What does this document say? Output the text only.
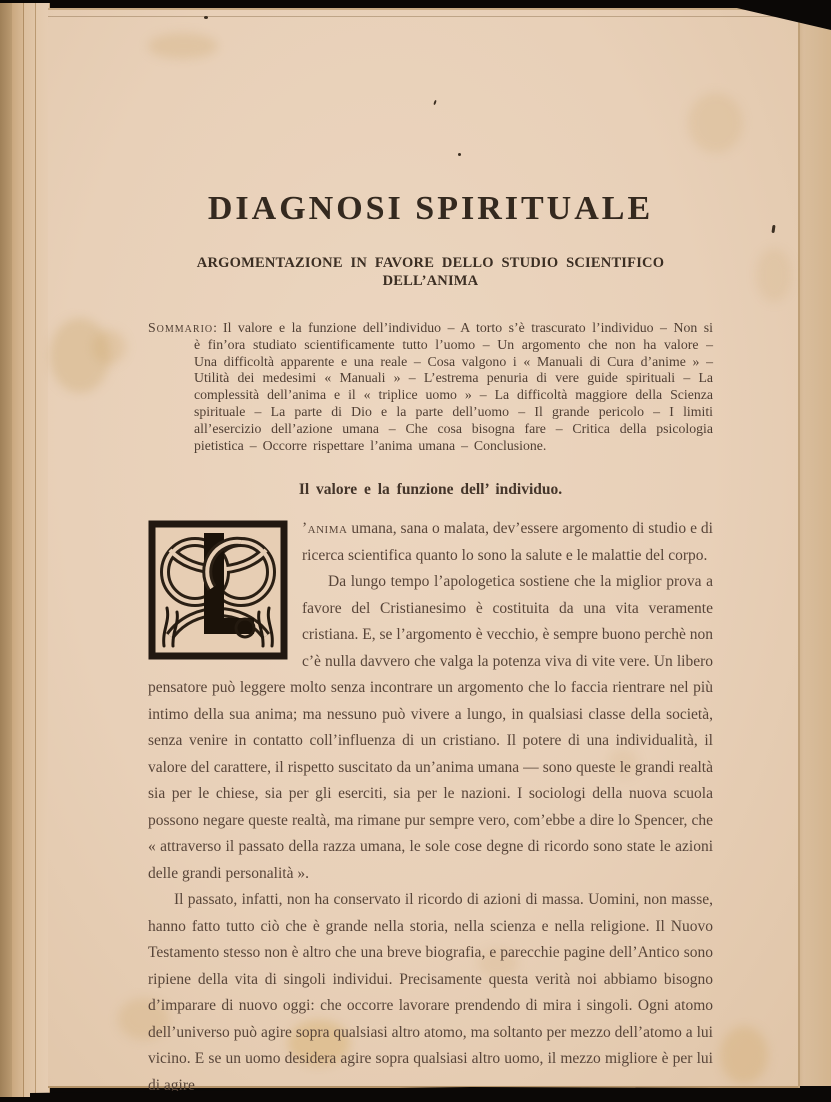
DIAGNOSI SPIRITUALE
ARGOMENTAZIONE IN FAVORE DELLO STUDIO SCIENTIFICO DELL’ANIMA

Sommario: Il valore e la funzione dell’individuo – A torto s’è trascurato l’individuo – Non si è fin’ora studiato scientificamente tutto l’uomo – Un argomento che non ha valore – Una difficoltà apparente e una reale – Cosa valgono i « Manuali di Cura d’anime » – Utilità dei medesimi « Manuali » – L’estrema penuria di vere guide spirituali – La complessità dell’anima e il « triplice uomo » – La difficoltà maggiore della Scienza spirituale – La parte di Dio e la parte dell’uomo – Il grande pericolo – I limiti all’esercizio dell’azione umana – Che cosa bisogna fare – Critica della psicologia pietistica – Occorre rispettare l’anima umana – Conclusione.

Il valore e la funzione dell’ individuo.

’anima umana, sana o malata, dev’essere argomento di studio e di ricerca scientifica quanto lo sono la salute e le malattie del corpo.

Da lungo tempo l’apologetica sostiene che la miglior prova a favore del Cristianesimo è costituita da una vita veramente cristiana. E, se l’argomento è vecchio, è sempre buono perchè non c’è nulla davvero che valga la potenza viva di vite vere. Un libero pensatore può leggere molto senza incontrare un argomento che lo faccia rientrare nel più intimo della sua anima; ma nessuno può vivere a lungo, in qualsiasi classe della società, senza venire in contatto coll’influenza di un cristiano. Il potere di una individualità, il valore del carattere, il rispetto suscitato da un’anima umana — sono queste le grandi realtà sia per le chiese, sia per gli eserciti, sia per le nazioni. I sociologi della nuova scuola possono negare queste realtà, ma rimane pur sempre vero, com’ebbe a dire lo Spencer, che « attraverso il passato della razza umana, le sole cose degne di ricordo sono state le azioni delle grandi personalità ».

Il passato, infatti, non ha conservato il ricordo di azioni di massa. Uomini, non masse, hanno fatto tutto ciò che è grande nella storia, nella scienza e nella religione. Il Nuovo Testamento stesso non è altro che una breve biografia, e parecchie pagine dell’Antico sono ripiene della vita di singoli individui. Precisamente questa verità noi abbiamo bisogno d’imparare di nuovo oggi: che occorre lavorare prendendo di mira i singoli. Ogni atomo dell’universo può agire sopra qualsiasi altro atomo, ma soltanto per mezzo dell’atomo a lui vicino. E se un uomo desidera agire sopra qualsiasi altro uomo, il mezzo migliore è per lui di agire
